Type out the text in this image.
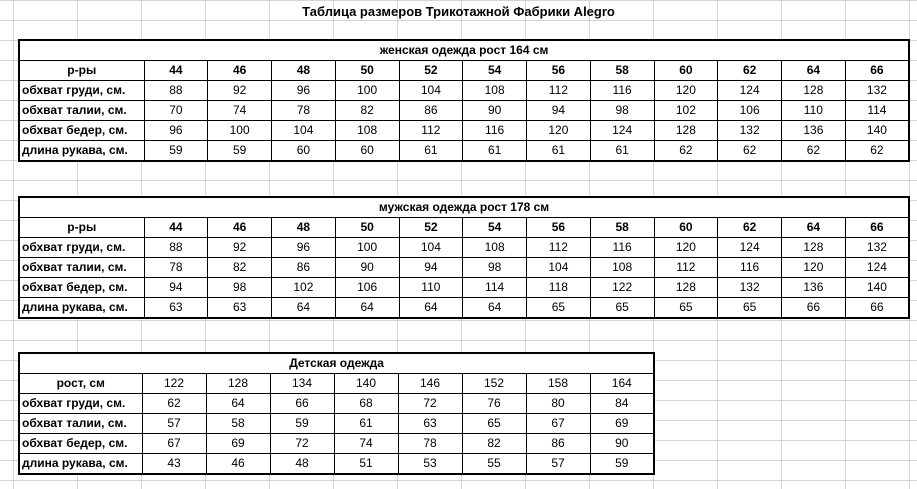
Таблица размеров Трикотажной Фабрики Alegro
женская одежда рост 164 см												
р-ры	44	46	48	50	52	54	56	58	60	62	64	66
обхват груди, см.	88	92	96	100	104	108	112	116	120	124	128	132
обхват талии, см.	70	74	78	82	86	90	94	98	102	106	110	114
обхват бедер, см.	96	100	104	108	112	116	120	124	128	132	136	140
длина рукава, см.	59	59	60	60	61	61	61	61	62	62	62	62
мужская одежда рост 178 см												
р-ры	44	46	48	50	52	54	56	58	60	62	64	66
обхват груди, см.	88	92	96	100	104	108	112	116	120	124	128	132
обхват талии, см.	78	82	86	90	94	98	104	108	112	116	120	124
обхват бедер, см.	94	98	102	106	110	114	118	122	128	132	136	140
длина рукава, см.	63	63	64	64	64	64	65	65	65	65	66	66
Детская одежда								
рост, см	122	128	134	140	146	152	158	164
обхват груди, см.	62	64	66	68	72	76	80	84
обхват талии, см.	57	58	59	61	63	65	67	69
обхват бедер, см.	67	69	72	74	78	82	86	90
длина рукава, см.	43	46	48	51	53	55	57	59
